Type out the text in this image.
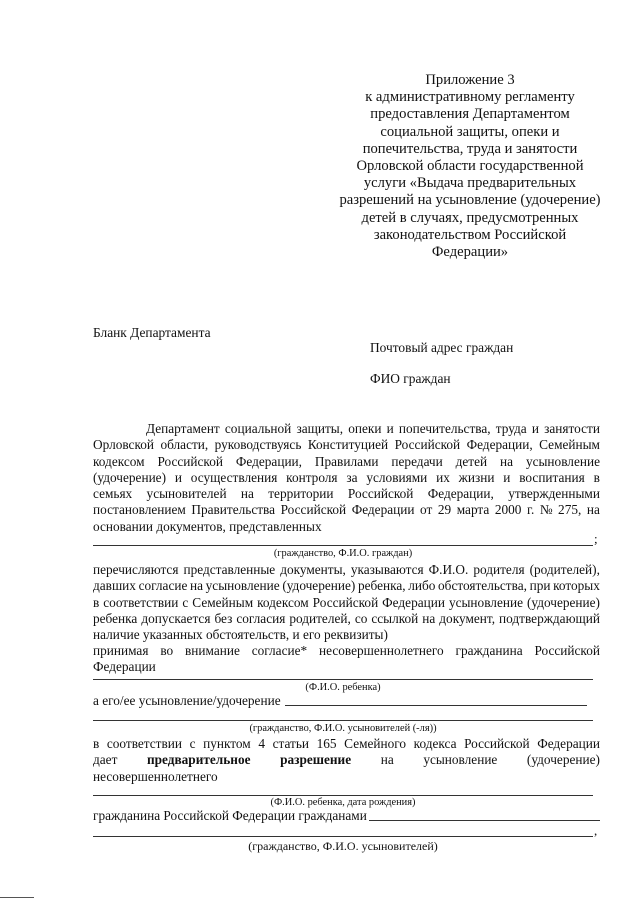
Приложение 3
к административному регламенту
предоставления Департаментом
социальной защиты, опеки и
попечительства, труда и занятости
Орловской области государственной
услуги «Выдача предварительных
разрешений на усыновление (удочерение)
детей в случаях, предусмотренных
законодательством Российской
Федерации»
Бланк Департамента
Почтовый адрес граждан
ФИО граждан
Департамент социальной защиты, опеки и попечительства, труда и занятости
Орловской области, руководствуясь Конституцией Российской Федерации, Семейным
кодексом Российской Федерации, Правилами передачи детей на усыновление
(удочерение) и осуществления контроля за условиями их жизни и воспитания в
семьях усыновителей на территории Российской Федерации, утвержденными
постановлением Правительства Российской Федерации от 29 марта 2000 г. № 275, на
основании документов, представленных
;
(гражданство, Ф.И.О. граждан)
перечисляются представленные документы, указываются Ф.И.О. родителя (родителей),
давших согласие на усыновление (удочерение) ребенка, либо обстоятельства, при которых
в соответствии с Семейным кодексом Российской Федерации усыновление (удочерение)
ребенка допускается без согласия родителей, со ссылкой на документ, подтверждающий
наличие указанных обстоятельств, и его реквизиты)
принимая во внимание согласие* несовершеннолетнего гражданина Российской
Федерации
(Ф.И.О. ребенка)
а его/ее усыновление/удочерение
(гражданство, Ф.И.О. усыновителей (-ля))
в соответствии с пунктом 4 статьи 165 Семейного кодекса Российской Федерации
дает предварительное разрешение на усыновление (удочерение)
несовершеннолетнего
(Ф.И.О. ребенка, дата рождения)
гражданина Российской Федерации гражданами
,
(гражданство, Ф.И.О. усыновителей)
